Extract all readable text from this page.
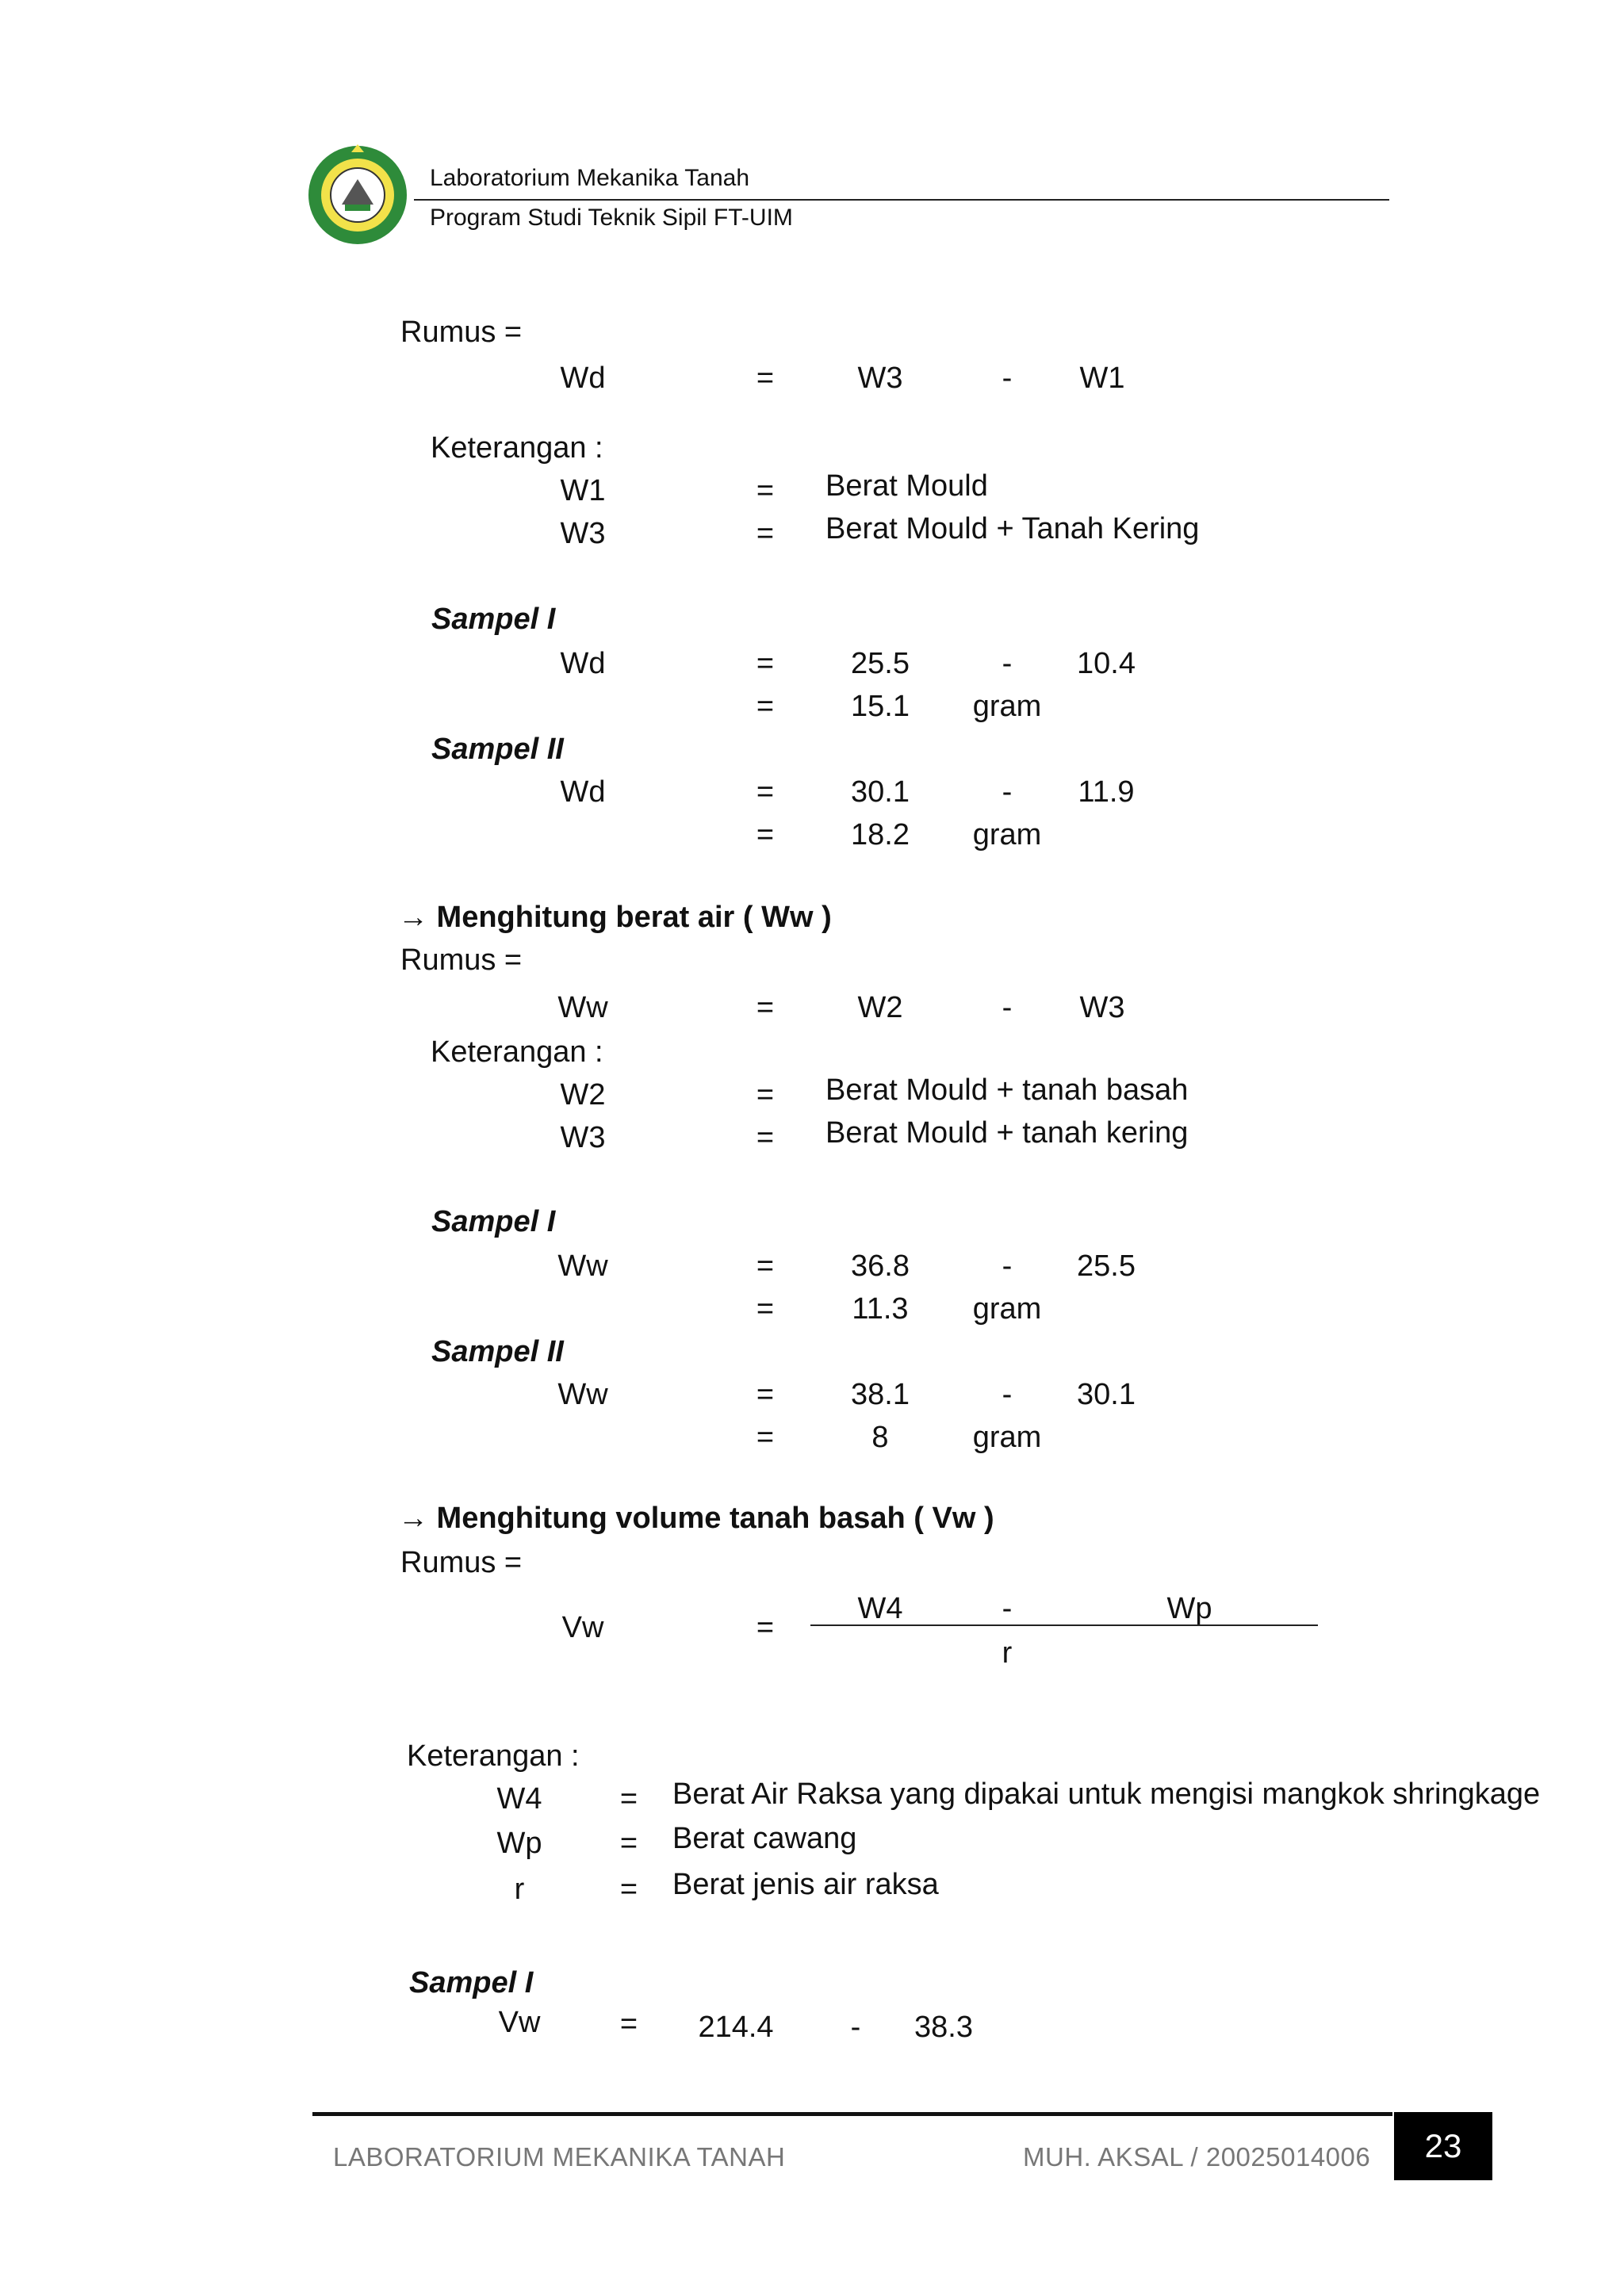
Laboratorium Mekanika Tanah
Program Studi Teknik Sipil FT-UIM
Rumus =
Wd	=	W3	-	W1
Keterangan :
W1	=	Berat Mould
W3	=	Berat Mould + Tanah Kering
Sampel I
Wd	=	25.5	-	10.4
=	15.1	gram
Sampel II
Wd	=	30.1	-	11.9
=	18.2	gram
→ Menghitung berat air ( Ww )
Rumus =
Ww	=	W2	-	W3
Keterangan :
W2	=	Berat Mould + tanah basah
W3	=	Berat Mould + tanah kering
Sampel I
Ww	=	36.8	-	25.5
=	11.3	gram
Sampel II
Ww	=	38.1	-	30.1
=	8	gram
→ Menghitung volume tanah basah ( Vw )
Rumus =
Vw	=
W4	-	Wp
r
Keterangan :
W4	=	Berat Air Raksa yang dipakai untuk mengisi mangkok shringkage
Wp	=	Berat cawang
r	=	Berat jenis air raksa
Sampel I
Vw	=	214.4	-	38.3
LABORATORIUM MEKANIKA TANAH	MUH. AKSAL / 20025014006	23
